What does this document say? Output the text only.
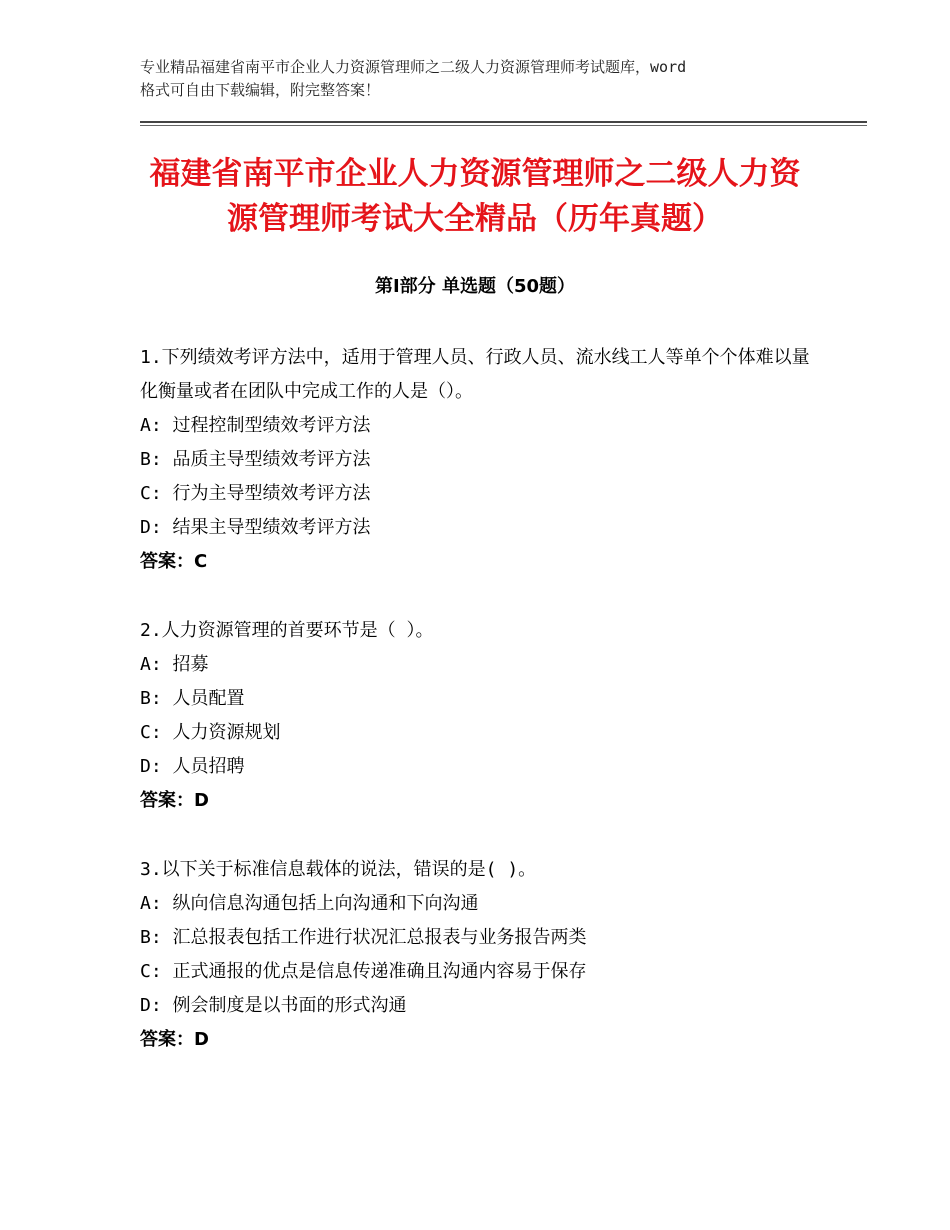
专业精品福建省南平市企业人力资源管理师之二级人力资源管理师考试题库，word
格式可自由下载编辑，附完整答案！
福建省南平市企业人力资源管理师之二级人力资源管理师考试大全精品（历年真题）
第Ⅰ部分 单选题（50题）

1.下列绩效考评方法中，适用于管理人员、行政人员、流水线工人等单个个体难以量化衡量或者在团队中完成工作的人是（）。

A: 过程控制型绩效考评方法

B: 品质主导型绩效考评方法

C: 行为主导型绩效考评方法

D: 结果主导型绩效考评方法

答案：C

2.人力资源管理的首要环节是（ ）。

A: 招募

B: 人员配置

C: 人力资源规划

D: 人员招聘

答案：D

3.以下关于标准信息载体的说法，错误的是( )。

A: 纵向信息沟通包括上向沟通和下向沟通

B: 汇总报表包括工作进行状况汇总报表与业务报告两类

C: 正式通报的优点是信息传递准确且沟通内容易于保存

D: 例会制度是以书面的形式沟通

答案：D
